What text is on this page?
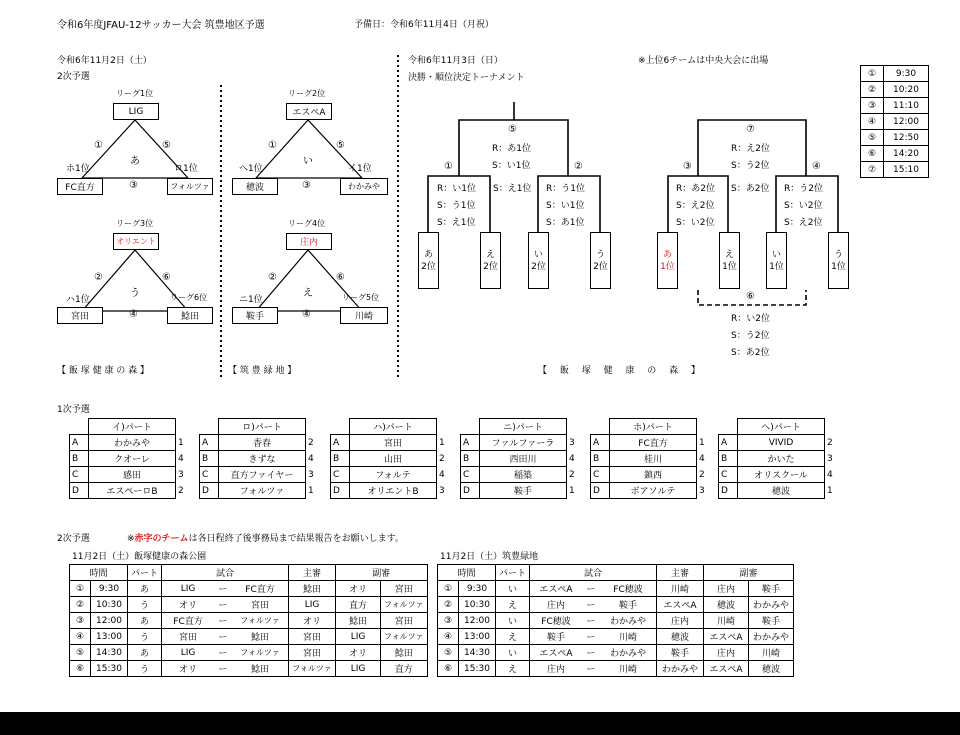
令和6年度JFAU-12サッカー大会 筑豊地区予選	予備日：令和6年11月4日（月祝）
令和6年11月2日（土）
2次予選
リーグ1位
LIG
①	⑤
あ
ホ1位	ロ1位
FC直方	③	フォルツァ
リーグ2位
エスペA
①	⑤
い
へ1位	イ1位
穂波	③	わかみや
リーグ3位
オリエント
②	⑥
う
ハ1位	リーグ6位
宮田	④	鯰田
リーグ4位
庄内
②	⑥
え
ニ1位	リーグ5位
鞍手	④	川崎
【 飯 塚 健 康 の 森 】	【 筑 豊 緑 地 】
令和6年11月3日（日）
決勝・順位決定トーナメント
※上位6チームは中央大会に出場
⑤
R：あ1位
S：い1位
①	②
R：い1位
S：う1位
S：え1位
S：え1位 R：う1位
S：い1位
S：あ1位
あ
2位
え
2位
い
2位
う
2位
⑦
R：え2位
S：う2位
③	④
R：あ2位
S：え2位
S：い2位
S：あ2位 R：う2位
S：い2位
S：え2位
あ
1位
え
1位
い
1位
う
1位
⑥
R：い2位
S：う2位
S：あ2位
【 飯 塚 健 康 の 森 】
①	9:30
②	10:20
③	11:10
④	12:00
⑤	12:50
⑥	14:20
⑦	15:10
1次予選
	イ)パート	
A	わかみや	1
B	クオーレ	4
C	感田	3
D	エスペーロB	2
	ロ)パート	
A	香春	2
B	きずな	4
C	直方ファイヤー	3
D	フォルツァ	1
	ハ)パート	
A	宮田	1
B	山田	2
C	フォルテ	4
D	オリエントB	3
	ニ)パート	
A	ファルファーラ	3
B	西田川	4
C	稲築	2
D	鞍手	1
	ホ)パート	
A	FC直方	1
B	桂川	4
C	鎮西	2
D	ボアソルテ	3
	へ)パート	
A	VIVID	2
B	かいた	3
C	オリスクール	4
D	穂波	1
2次予選	※赤字のチームは各日程終了後事務局まで結果報告をお願いします。
11月2日（土）飯塚健康の森公園	11月2日（土）筑豊緑地
時間		パート	試合			主審	副審	
①	9:30	あ	LIG	ー	FC直方	鯰田	オリ	宮田
②	10:30	う	オリ	ー	宮田	LIG	直方	フォルツァ
③	12:00	あ	FC直方	ー	フォルツァ	オリ	鯰田	宮田
④	13:00	う	宮田	ー	鯰田	宮田	LIG	フォルツァ
⑤	14:30	あ	LIG	ー	フォルツァ	宮田	オリ	鯰田
⑥	15:30	う	オリ	ー	鯰田	フォルツァ	LIG	直方
時間		パート	試合			主審	副審	
①	9:30	い	エスペA	ー	FC穂波	川崎	庄内	鞍手
②	10:30	え	庄内	ー	鞍手	エスペA	穂波	わかみや
③	12:00	い	FC穂波	ー	わかみや	庄内	川崎	鞍手
④	13:00	え	鞍手	ー	川崎	穂波	エスペA	わかみや
⑤	14:30	い	エスペA	ー	わかみや	鞍手	庄内	川崎
⑥	15:30	え	庄内	ー	川崎	わかみや	エスペA	穂波
